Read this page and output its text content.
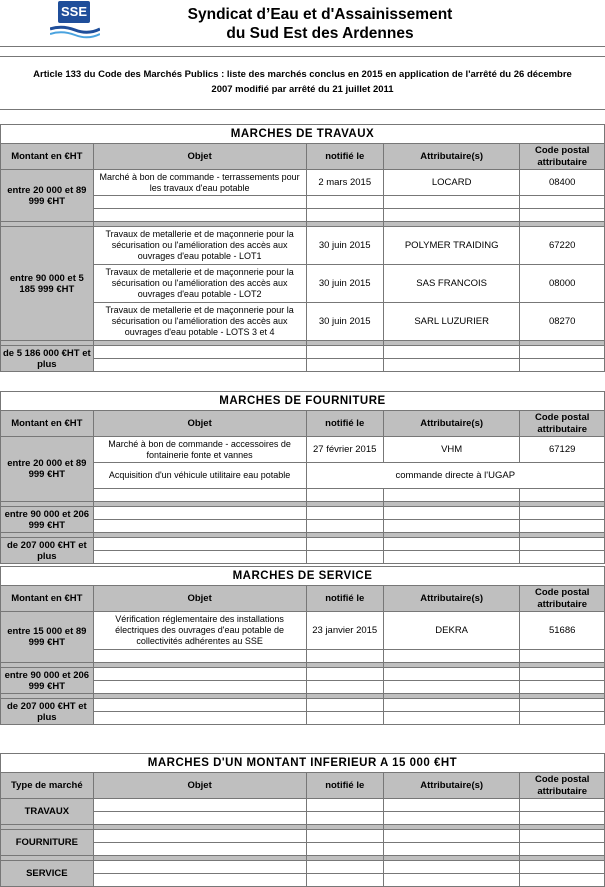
SSE	Syndicat d’Eau et d'Assainissement
du Sud Est des Ardennes
Article 133 du Code des Marchés Publics : liste des marchés conclus en 2015 en application de l'arrêté du 26 décembre
2007 modifié par arrêté du 21 juillet 2011
MARCHES DE TRAVAUX				
Montant en €HT	Objet	notifié le	Attributaire(s)	Code postal attributaire
entre 20 000 et 89 999 €HT	Marché à bon de commande - terrassements pour les travaux d'eau potable	2 mars 2015	LOCARD	08400

entre 90 000 et 5 185 999 €HT	Travaux de metallerie et de maçonnerie pour la sécurisation ou l'amélioration des accès aux ouvrages d'eau potable - LOT1	30 juin 2015	POLYMER TRAIDING	67220
	Travaux de metallerie et de maçonnerie pour la sécurisation ou l'amélioration des accès aux ouvrages d'eau potable - LOT2	30 juin 2015	SAS FRANCOIS	08000
	Travaux de metallerie et de maçonnerie pour la sécurisation ou l'amélioration des accès aux ouvrages d'eau potable - LOTS 3 et 4	30 juin 2015	SARL LUZURIER	08270

de 5 186 000 €HT et plus				

MARCHES DE FOURNITURE				
Montant en €HT	Objet	notifié le	Attributaire(s)	Code postal attributaire
entre 20 000 et 89 999 €HT	Marché à bon de commande - accessoires de fontainerie fonte et vannes	27 février 2015	VHM	67129
	Acquisition d'un véhicule utilitaire eau potable	commande directe à l'UGAP		

entre 90 000 et 206 999 €HT				

de 207 000 €HT et plus				

MARCHES DE SERVICE				
Montant en €HT	Objet	notifié le	Attributaire(s)	Code postal attributaire
entre 15 000 et 89 999 €HT	Vérification réglementaire des installations électriques des ouvrages d'eau potable de collectivités adhérentes au SSE	23 janvier 2015	DEKRA	51686

entre 90 000 et 206 999 €HT				

de 207 000 €HT et plus				

MARCHES D'UN MONTANT INFERIEUR A 15 000 €HT				
Type de marché	Objet	notifié le	Attributaire(s)	Code postal attributaire
TRAVAUX				

FOURNITURE				

SERVICE				
